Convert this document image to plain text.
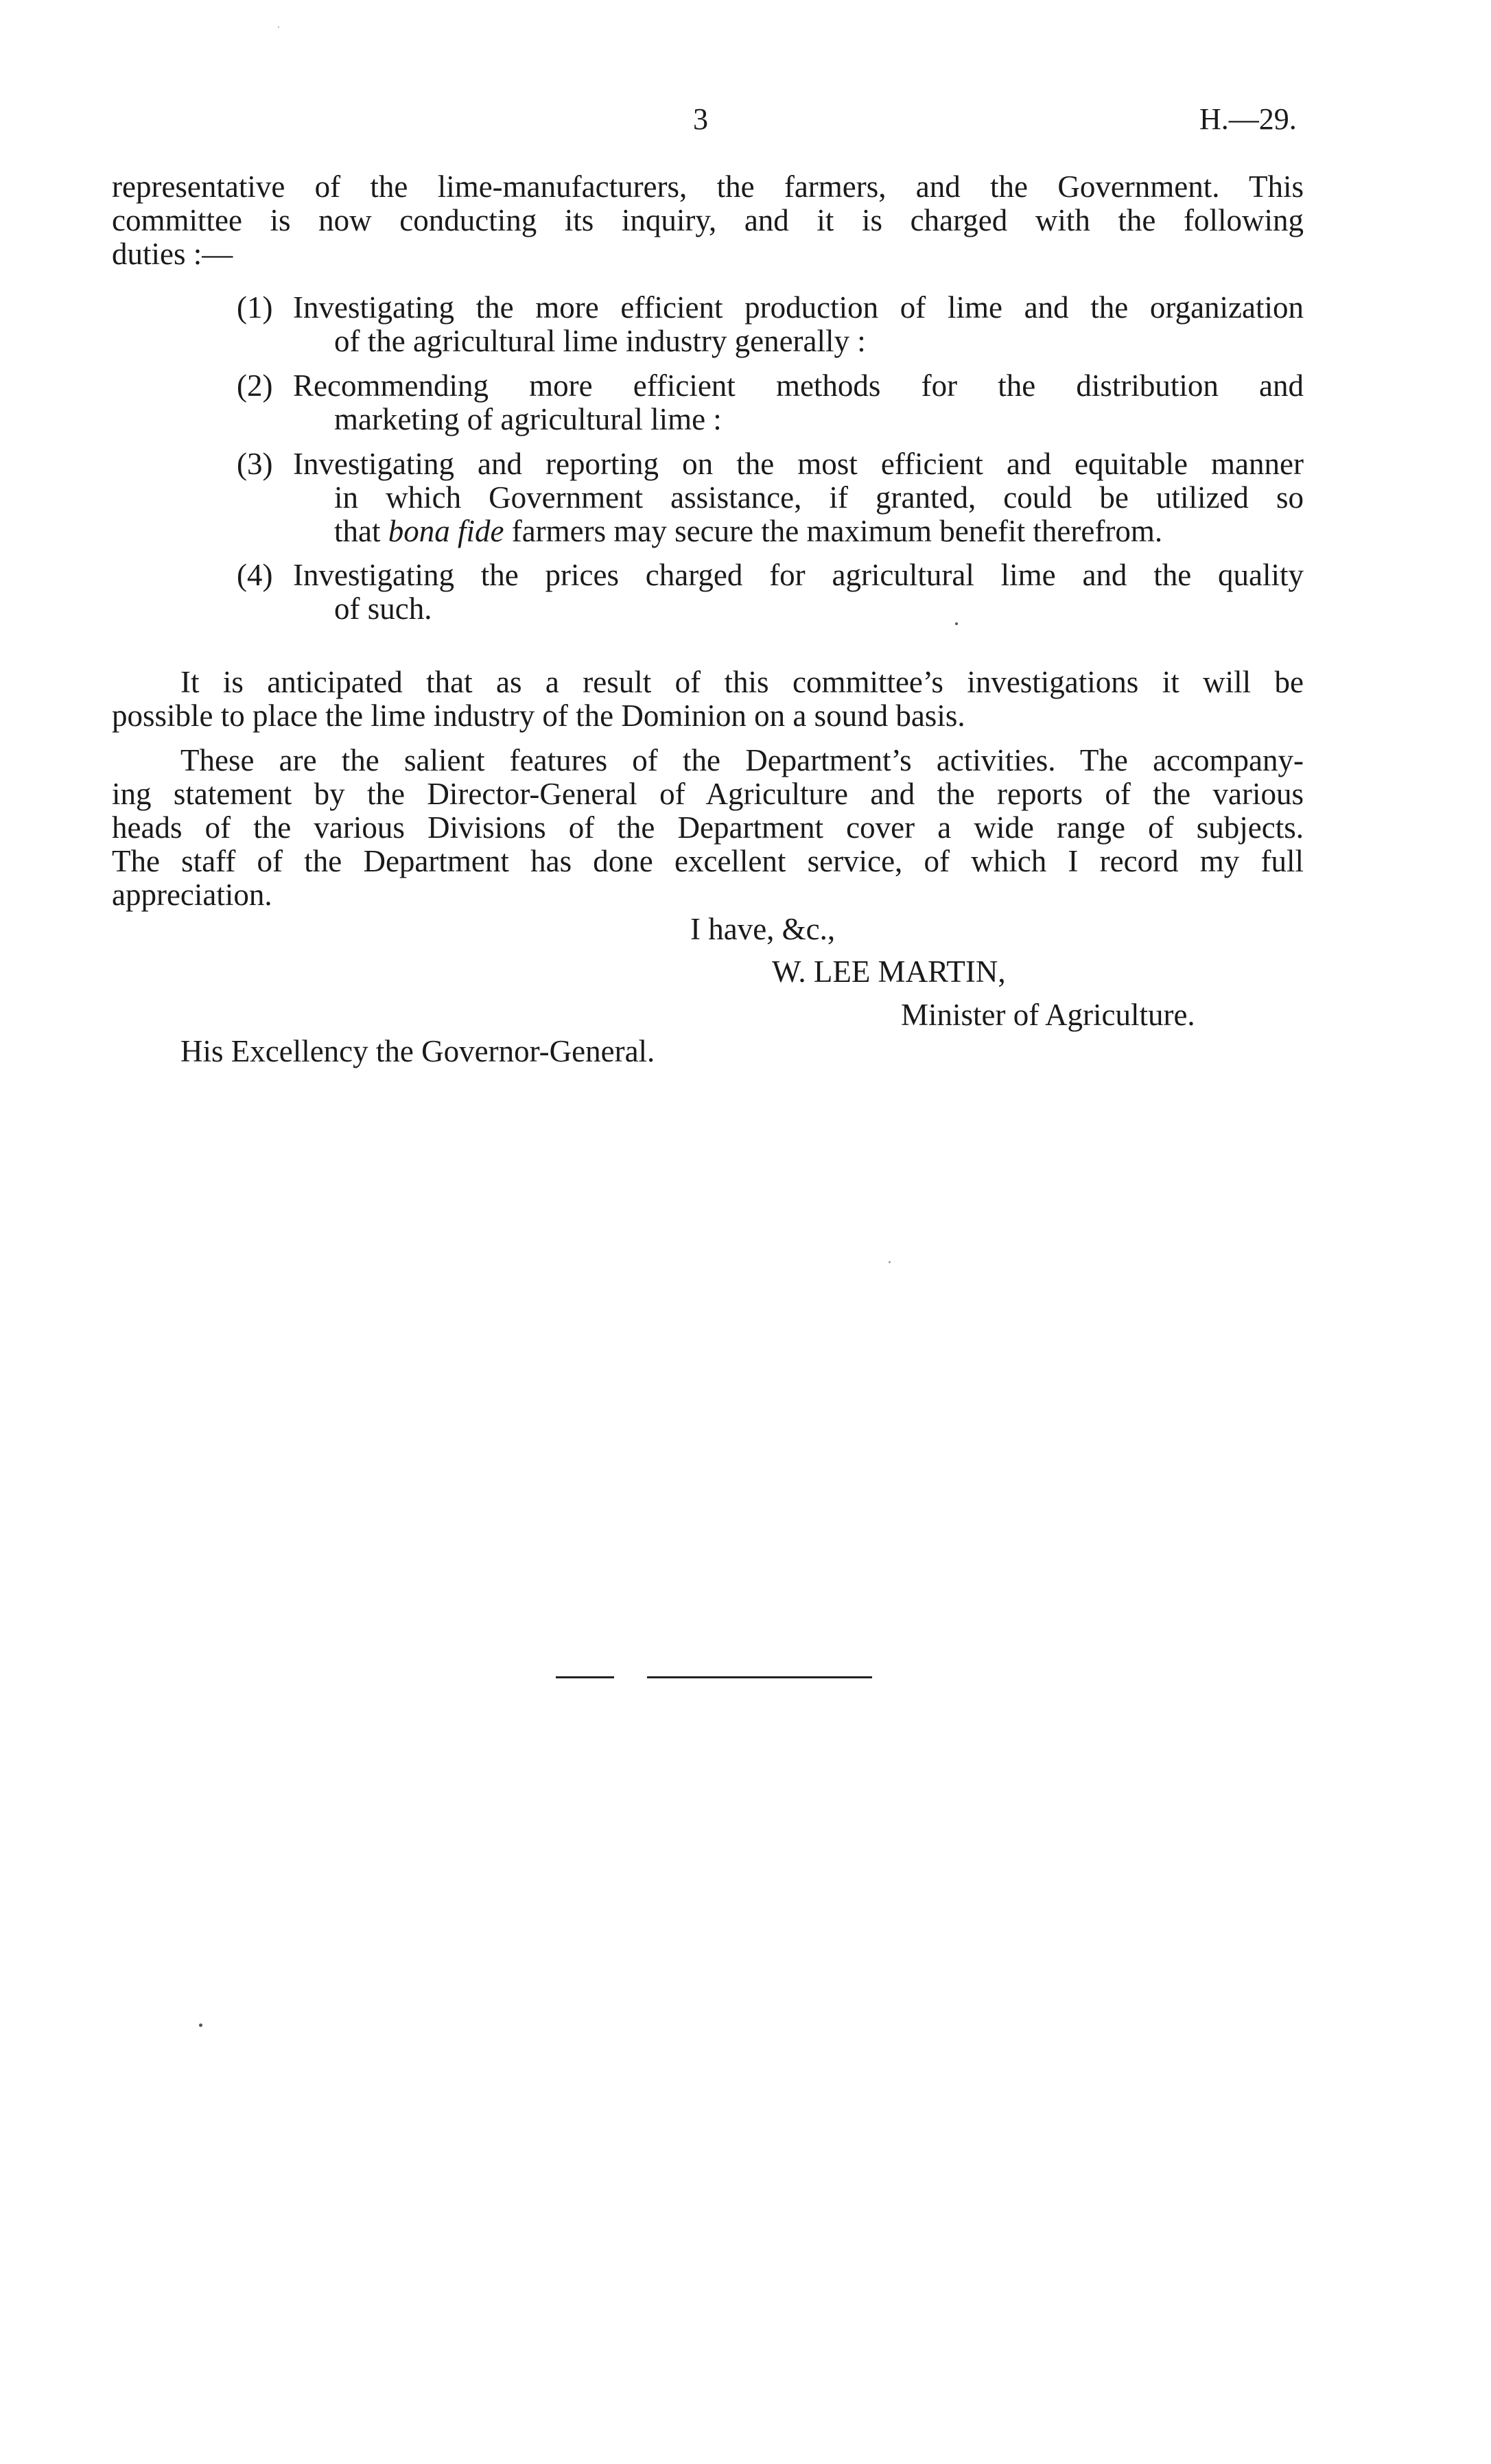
3	H.—29.
representative of the lime-manufacturers, the farmers, and the Government. This
committee is now conducting its inquiry, and it is charged with the following
duties :—
(1) Investigating the more efficient production of lime and the organization
of the agricultural lime industry generally :
(2) Recommending more efficient methods for the distribution and
marketing of agricultural lime :
(3) Investigating and reporting on the most efficient and equitable manner
in which Government assistance, if granted, could be utilized so
that bona fide farmers may secure the maximum benefit therefrom.
(4) Investigating the prices charged for agricultural lime and the quality
of such.
It is anticipated that as a result of this committee’s investigations it will be
possible to place the lime industry of the Dominion on a sound basis.
These are the salient features of the Department’s activities. The accompany-
ing statement by the Director-General of Agriculture and the reports of the various
heads of the various Divisions of the Department cover a wide range of subjects.
The staff of the Department has done excellent service, of which I record my full
appreciation.
I have, &c.,
W. LEE MARTIN,
Minister of Agriculture.
His Excellency the Governor-General.
